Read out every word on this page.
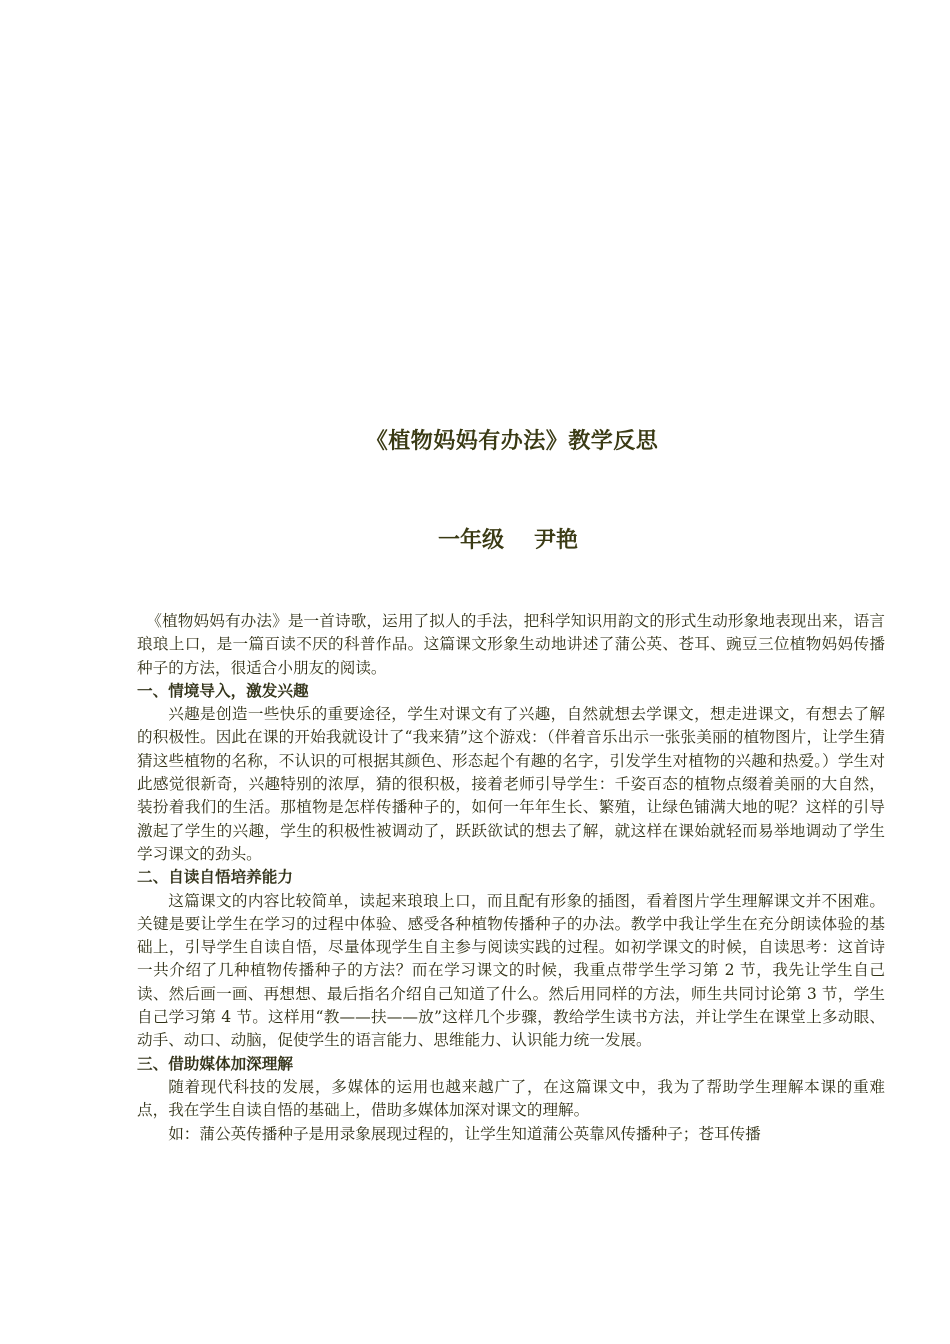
《植物妈妈有办法》教学反思
一年级 尹艳

《植物妈妈有办法》是一首诗歌，运用了拟人的手法，把科学知识用韵文的形式生动形象地表现出来，语言琅琅上口，是一篇百读不厌的科普作品。这篇课文形象生动地讲述了蒲公英、苍耳、豌豆三位植物妈妈传播种子的方法，很适合小朋友的阅读。

一、情境导入，激发兴趣

兴趣是创造一些快乐的重要途径，学生对课文有了兴趣，自然就想去学课文，想走进课文，有想去了解的积极性。因此在课的开始我就设计了“我来猜”这个游戏：（伴着音乐出示一张张美丽的植物图片，让学生猜猜这些植物的名称，不认识的可根据其颜色、形态起个有趣的名字，引发学生对植物的兴趣和热爱。）学生对此感觉很新奇，兴趣特别的浓厚，猜的很积极，接着老师引导学生：千姿百态的植物点缀着美丽的大自然，装扮着我们的生活。那植物是怎样传播种子的，如何一年年生长、繁殖，让绿色铺满大地的呢？这样的引导激起了学生的兴趣，学生的积极性被调动了，跃跃欲试的想去了解，就这样在课始就轻而易举地调动了学生学习课文的劲头。

二、自读自悟培养能力

这篇课文的内容比较简单，读起来琅琅上口，而且配有形象的插图，看着图片学生理解课文并不困难。关键是要让学生在学习的过程中体验、感受各种植物传播种子的办法。教学中我让学生在充分朗读体验的基础上，引导学生自读自悟，尽量体现学生自主参与阅读实践的过程。如初学课文的时候，自读思考：这首诗一共介绍了几种植物传播种子的方法？而在学习课文的时候，我重点带学生学习第 2 节，我先让学生自己读、然后画一画、再想想、最后指名介绍自己知道了什么。然后用同样的方法，师生共同讨论第 3 节，学生自己学习第 4 节。这样用“教——扶——放”这样几个步骤，教给学生读书方法，并让学生在课堂上多动眼、动手、动口、动脑，促使学生的语言能力、思维能力、认识能力统一发展。

三、借助媒体加深理解

随着现代科技的发展，多媒体的运用也越来越广了，在这篇课文中，我为了帮助学生理解本课的重难点，我在学生自读自悟的基础上，借助多媒体加深对课文的理解。

如：蒲公英传播种子是用录象展现过程的，让学生知道蒲公英靠风传播种子；苍耳传播
